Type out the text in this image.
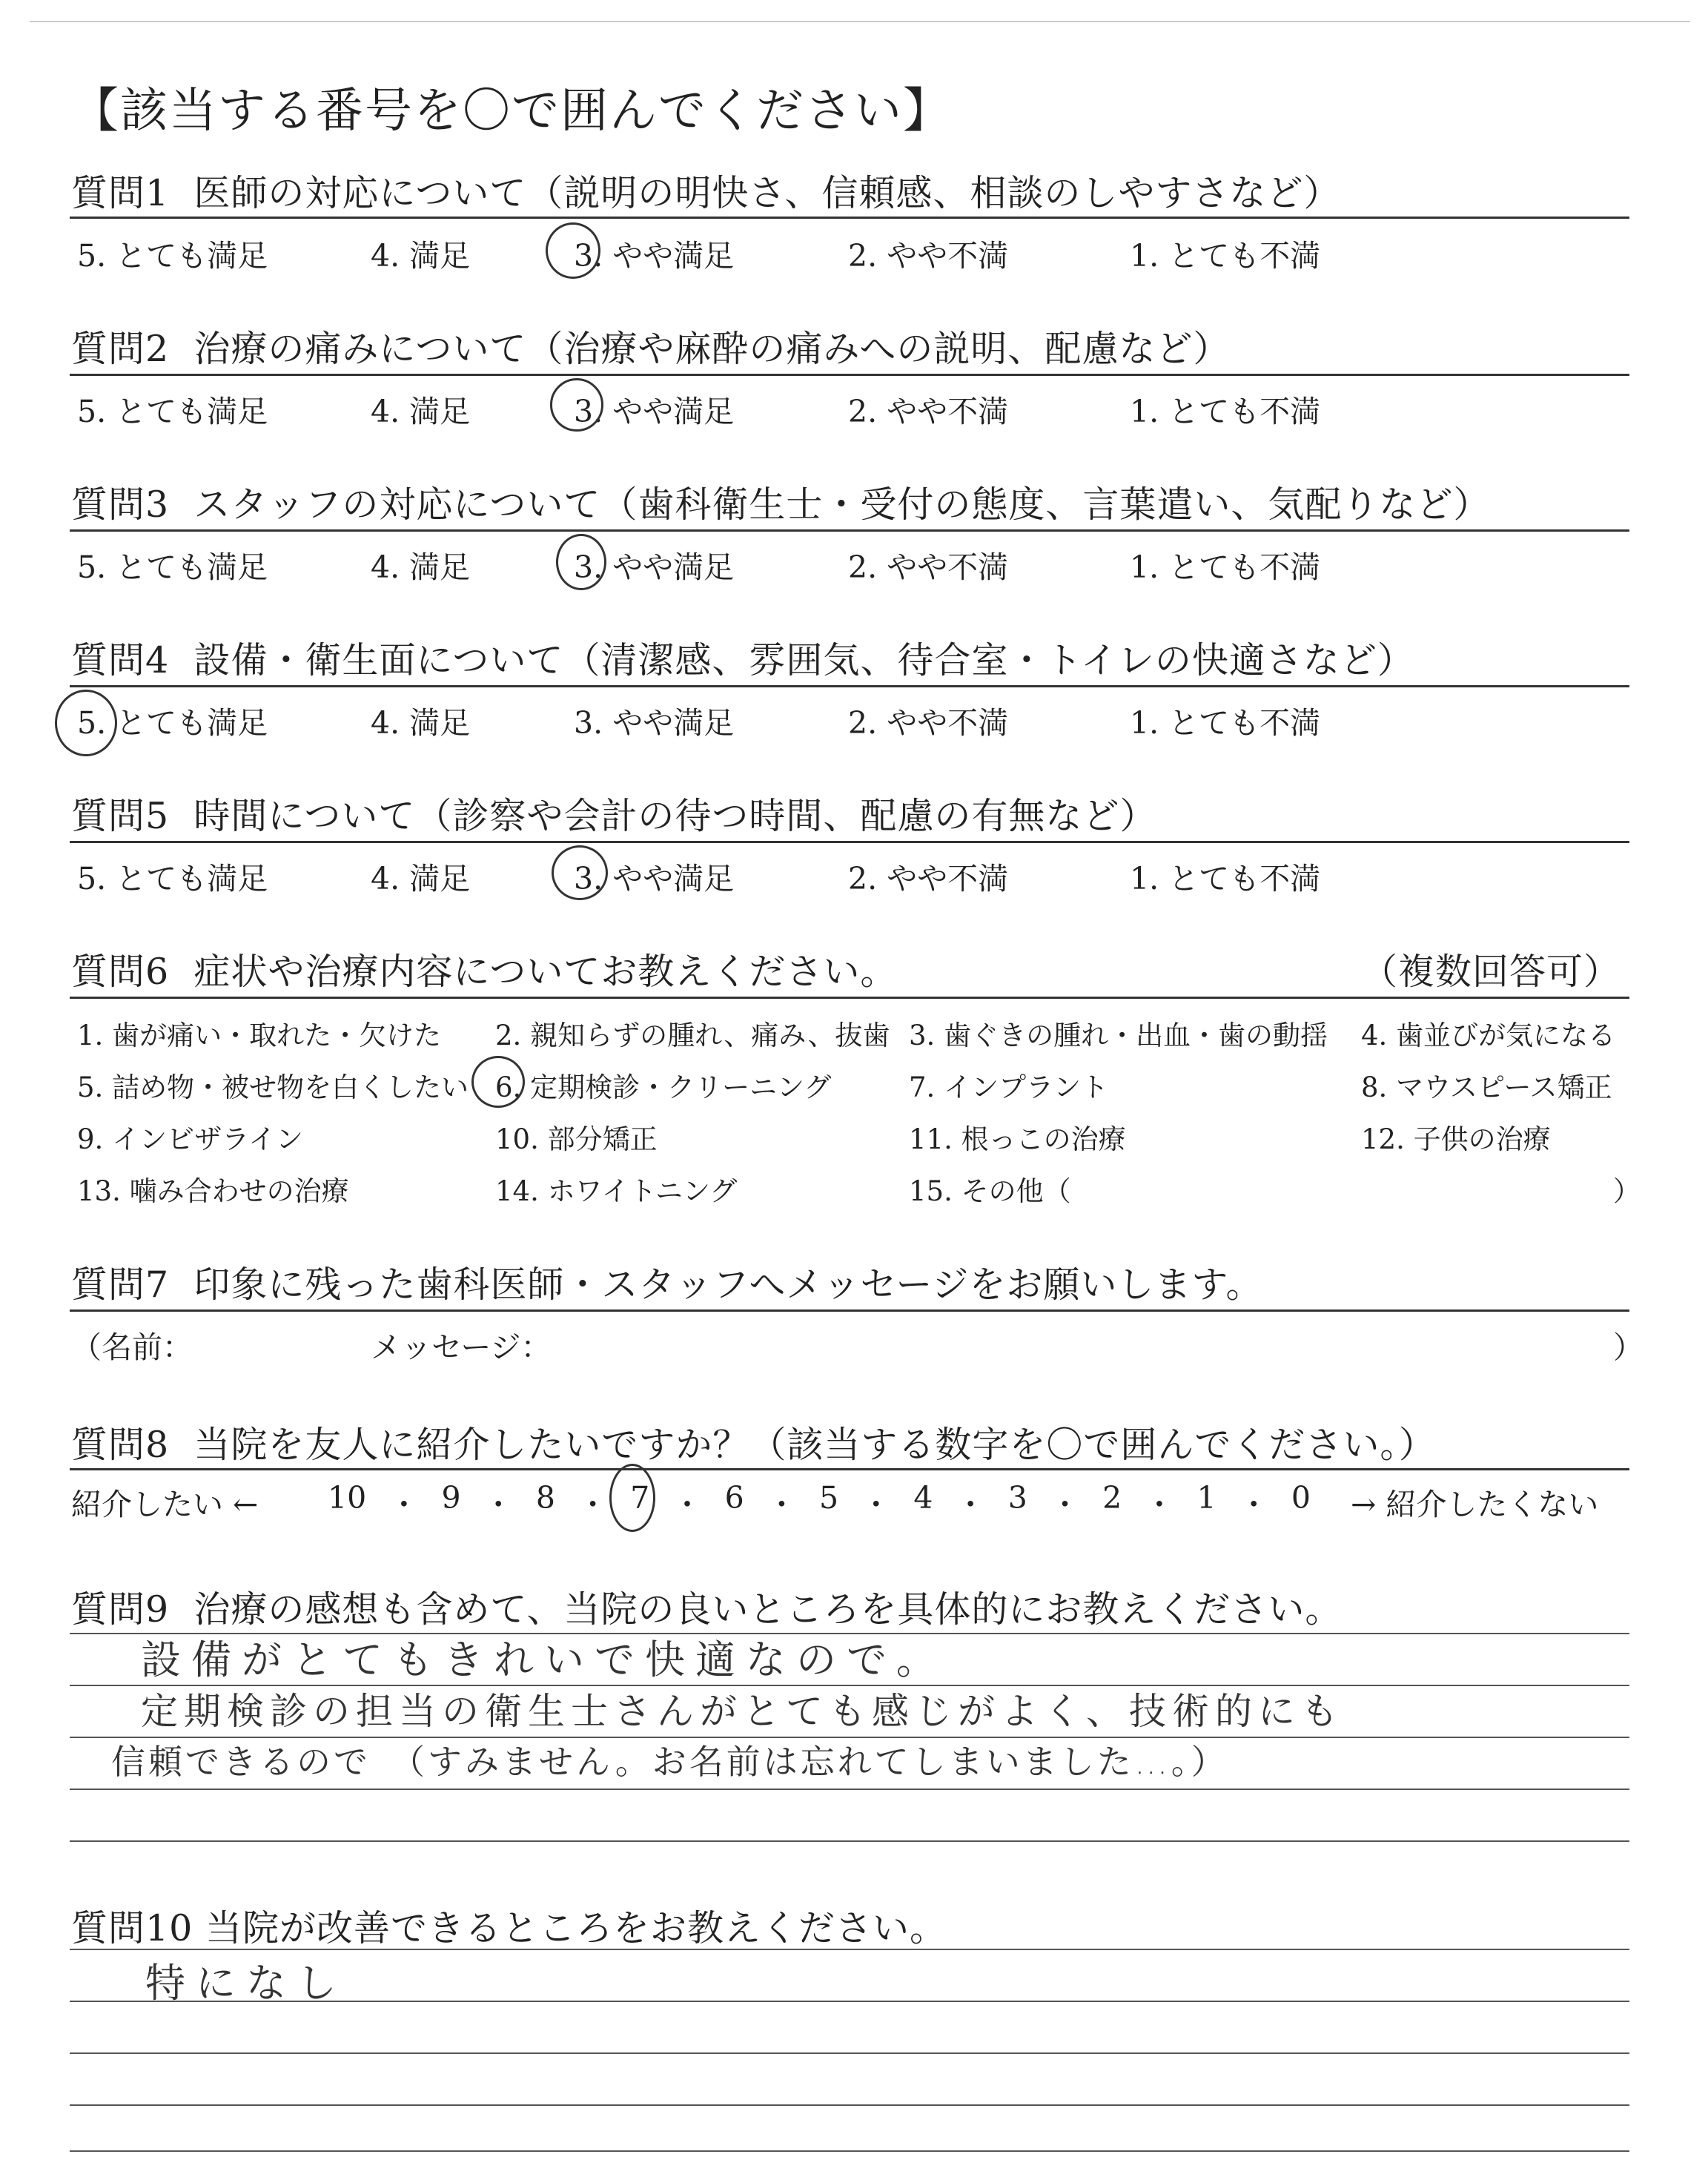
【該当する番号を〇で囲んでください】
質問1 医師の対応について（説明の明快さ、信頼感、相談のしやすさなど）
5. とても満足	4. 満足	3. やや満足	2. やや不満	1. とても不満
質問2 治療の痛みについて（治療や麻酔の痛みへの説明、配慮など）
5. とても満足	4. 満足	3. やや満足	2. やや不満	1. とても不満
質問3 スタッフの対応について（歯科衛生士・受付の態度、言葉遣い、気配りなど）
5. とても満足	4. 満足	3. やや満足	2. やや不満	1. とても不満
質問4 設備・衛生面について（清潔感、雰囲気、待合室・トイレの快適さなど）
5. とても満足	4. 満足	3. やや満足	2. やや不満	1. とても不満
質問5 時間について（診察や会計の待つ時間、配慮の有無など）
5. とても満足	4. 満足	3. やや満足	2. やや不満	1. とても不満
質問6 症状や治療内容についてお教えください。	（複数回答可）
1. 歯が痛い・取れた・欠けた 2. 親知らずの腫れ、痛み、抜歯 3. 歯ぐきの腫れ・出血・歯の動揺 4. 歯並びが気になる
5. 詰め物・被せ物を白くしたい 6. 定期検診・クリーニング	7. インプラント	8. マウスピース矯正
9. インビザライン	10. 部分矯正	11. 根っこの治療	12. 子供の治療
13. 噛み合わせの治療	14. ホワイトニング	15. その他（	）
質問7 印象に残った歯科医師・スタッフへメッセージをお願いします。
（名前：	メッセージ：	）
質問8 当院を友人に紹介したいですか？（該当する数字を〇で囲んでください。）
紹介したい ←	→ 紹介したくない
10 ・ 9 ・ 8 ・ 7 ・ 6 ・ 5 ・ 4 ・ 3 ・ 2 ・ 1 ・ 0
質問9 治療の感想も含めて、当院の良いところを具体的にお教えください。
設備がとてもきれいで快適なので。
定期検診の担当の衛生士さんがとても感じがよく、技術的にも
信頼できるので　（すみません。お名前は忘れてしまいました…。）
質問10 当院が改善できるところをお教えください。
特になし
